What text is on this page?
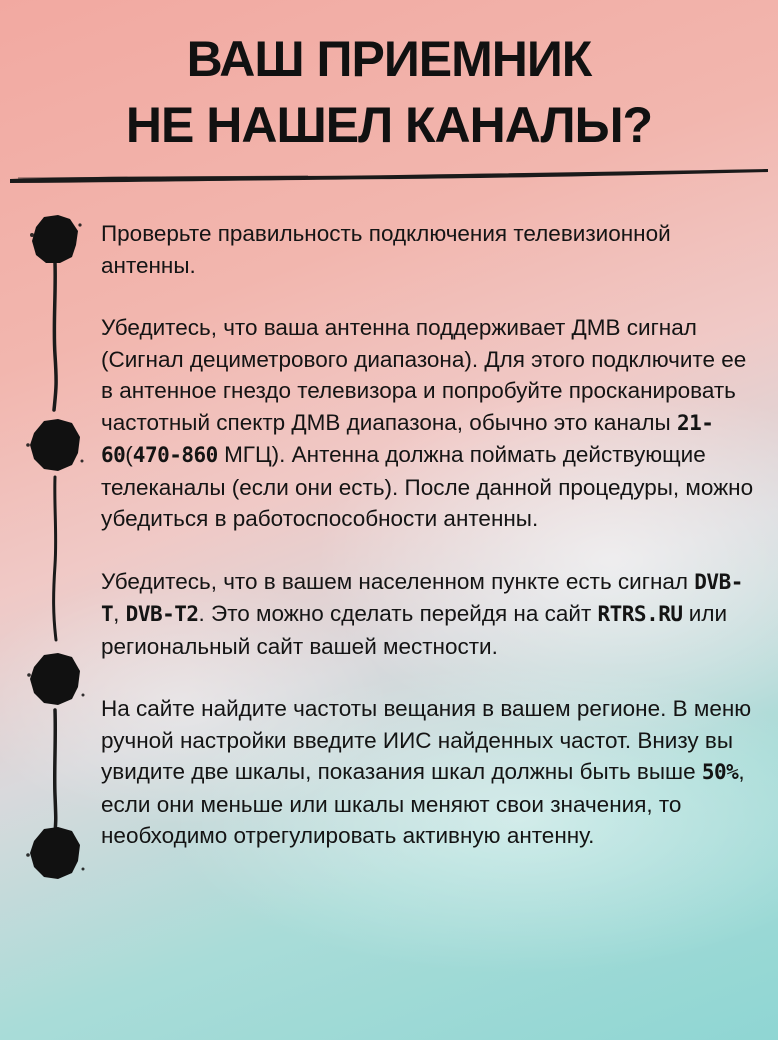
ВАШ ПРИЕМНИК
НЕ НАШЕЛ КАНАЛЫ?

Проверьте правильность подключения телевизионной антенны.

Убедитесь, что ваша антенна поддерживает ДМВ сигнал (Сигнал дециметрового диапазона). Для этого подключите ее в антенное гнездо телевизора и попробуйте просканировать частотный спектр ДМВ диапазона, обычно это каналы 21-60(470-860 МГЦ). Антенна должна поймать действующие телеканалы (если они есть). После данной процедуры, можно убедиться в работоспособности антенны.

Убедитесь, что в вашем населенном пункте есть сигнал DVB-T, DVB-T2. Это можно сделать перейдя на сайт RTRS.RU или региональный сайт вашей местности.

На сайте найдите частоты вещания в вашем регионе. В меню ручной настройки введите ИИС найденных частот. Внизу вы увидите две шкалы, показания шкал должны быть выше 50%, если они меньше или шкалы меняют свои значения, то необходимо отрегулировать активную антенну.
